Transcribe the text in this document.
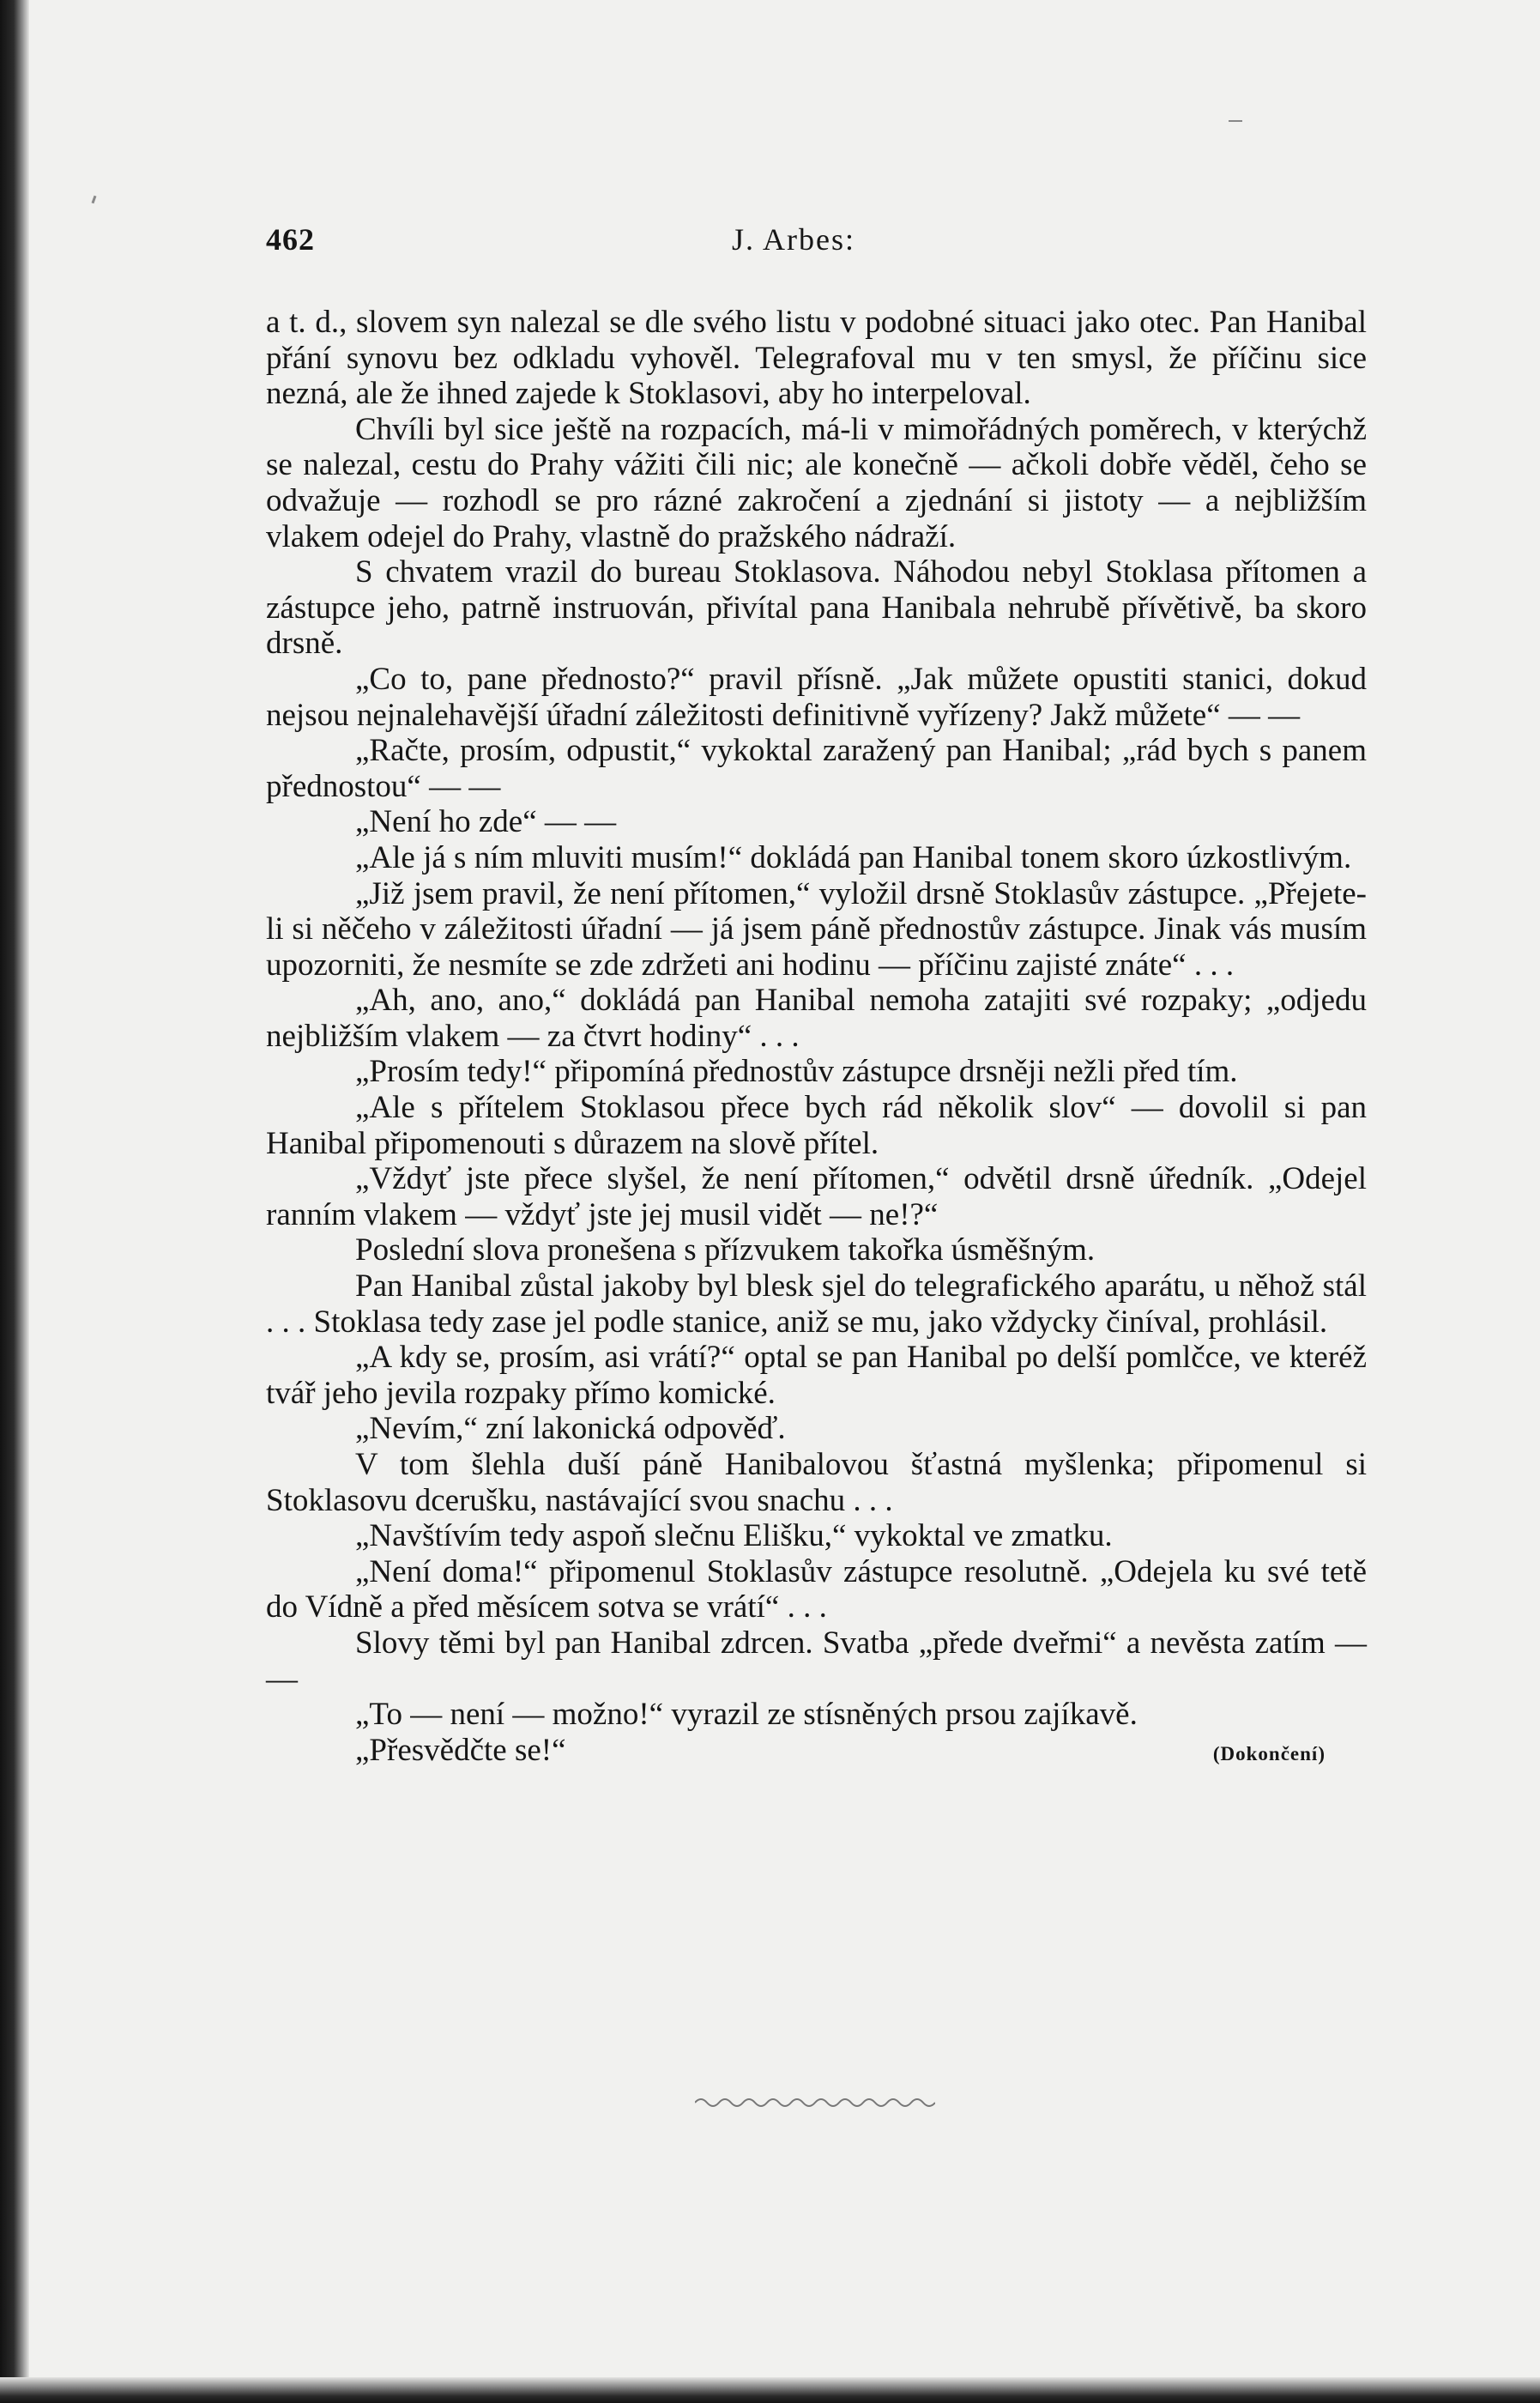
462	J. Arbes:

a t. d., slovem syn nalezal se dle svého listu v podobné situaci jako otec. Pan Hanibal přání synovu bez odkladu vyhověl. Telegrafoval mu v ten smysl, že příčinu sice nezná, ale že ihned zajede k Stoklasovi, aby ho interpeloval.

Chvíli byl sice ještě na rozpacích, má-li v mimořádných poměrech, v kterýchž se nalezal, cestu do Prahy vážiti čili nic; ale konečně — ačkoli dobře věděl, čeho se odvažuje — rozhodl se pro rázné zakročení a zjednání si jistoty — a nejbližším vlakem odejel do Prahy, vlastně do pražského nádraží.

S chvatem vrazil do bureau Stoklasova. Náhodou nebyl Stoklasa přítomen a zástupce jeho, patrně instruován, přivítal pana Hanibala nehrubě přívětivě, ba skoro drsně.

„Co to, pane přednosto?“ pravil přísně. „Jak můžete opustiti stanici, dokud nejsou nejnalehavější úřadní záležitosti definitivně vyřízeny? Jakž můžete“ — —

„Račte, prosím, odpustit,“ vykoktal zaražený pan Hanibal; „rád bych s panem přednostou“ — —

„Není ho zde“ — —

„Ale já s ním mluviti musím!“ dokládá pan Hanibal tonem skoro úzkostlivým.

„Již jsem pravil, že není přítomen,“ vyložil drsně Stoklasův zástupce. „Přejete-li si něčeho v záležitosti úřadní — já jsem páně přednostův zástupce. Jinak vás musím upozorniti, že nesmíte se zde zdržeti ani hodinu — příčinu zajisté znáte“ . . .

„Ah, ano, ano,“ dokládá pan Hanibal nemoha zatajiti své rozpaky; „odjedu nejbližším vlakem — za čtvrt hodiny“ . . .

„Prosím tedy!“ připomíná přednostův zástupce drsněji nežli před tím.

„Ale s přítelem Stoklasou přece bych rád několik slov“ — dovolil si pan Hanibal připomenouti s důrazem na slově přítel.

„Vždyť jste přece slyšel, že není přítomen,“ odvětil drsně úředník. „Odejel ranním vlakem — vždyť jste jej musil vidět — ne!?“

Poslední slova pronešena s přízvukem takořka úsměšným.

Pan Hanibal zůstal jakoby byl blesk sjel do telegrafického aparátu, u něhož stál . . . Stoklasa tedy zase jel podle stanice, aniž se mu, jako vždycky činíval, prohlásil.

„A kdy se, prosím, asi vrátí?“ optal se pan Hanibal po delší pomlčce, ve kteréž tvář jeho jevila rozpaky přímo komické.

„Nevím,“ zní lakonická odpověď.

V tom šlehla duší páně Hanibalovou šťastná myšlenka; připomenul si Stoklasovu dcerušku, nastávající svou snachu . . .

„Navštívím tedy aspoň slečnu Elišku,“ vykoktal ve zmatku.

„Není doma!“ připomenul Stoklasův zástupce resolutně. „Odejela ku své tetě do Vídně a před měsícem sotva se vrátí“ . . .

Slovy těmi byl pan Hanibal zdrcen. Svatba „přede dveřmi“ a nevěsta zatím — —

„To — není — možno!“ vyrazil ze stísněných prsou zajíkavě.

„Přesvědčte se!“	(Dokončení)
